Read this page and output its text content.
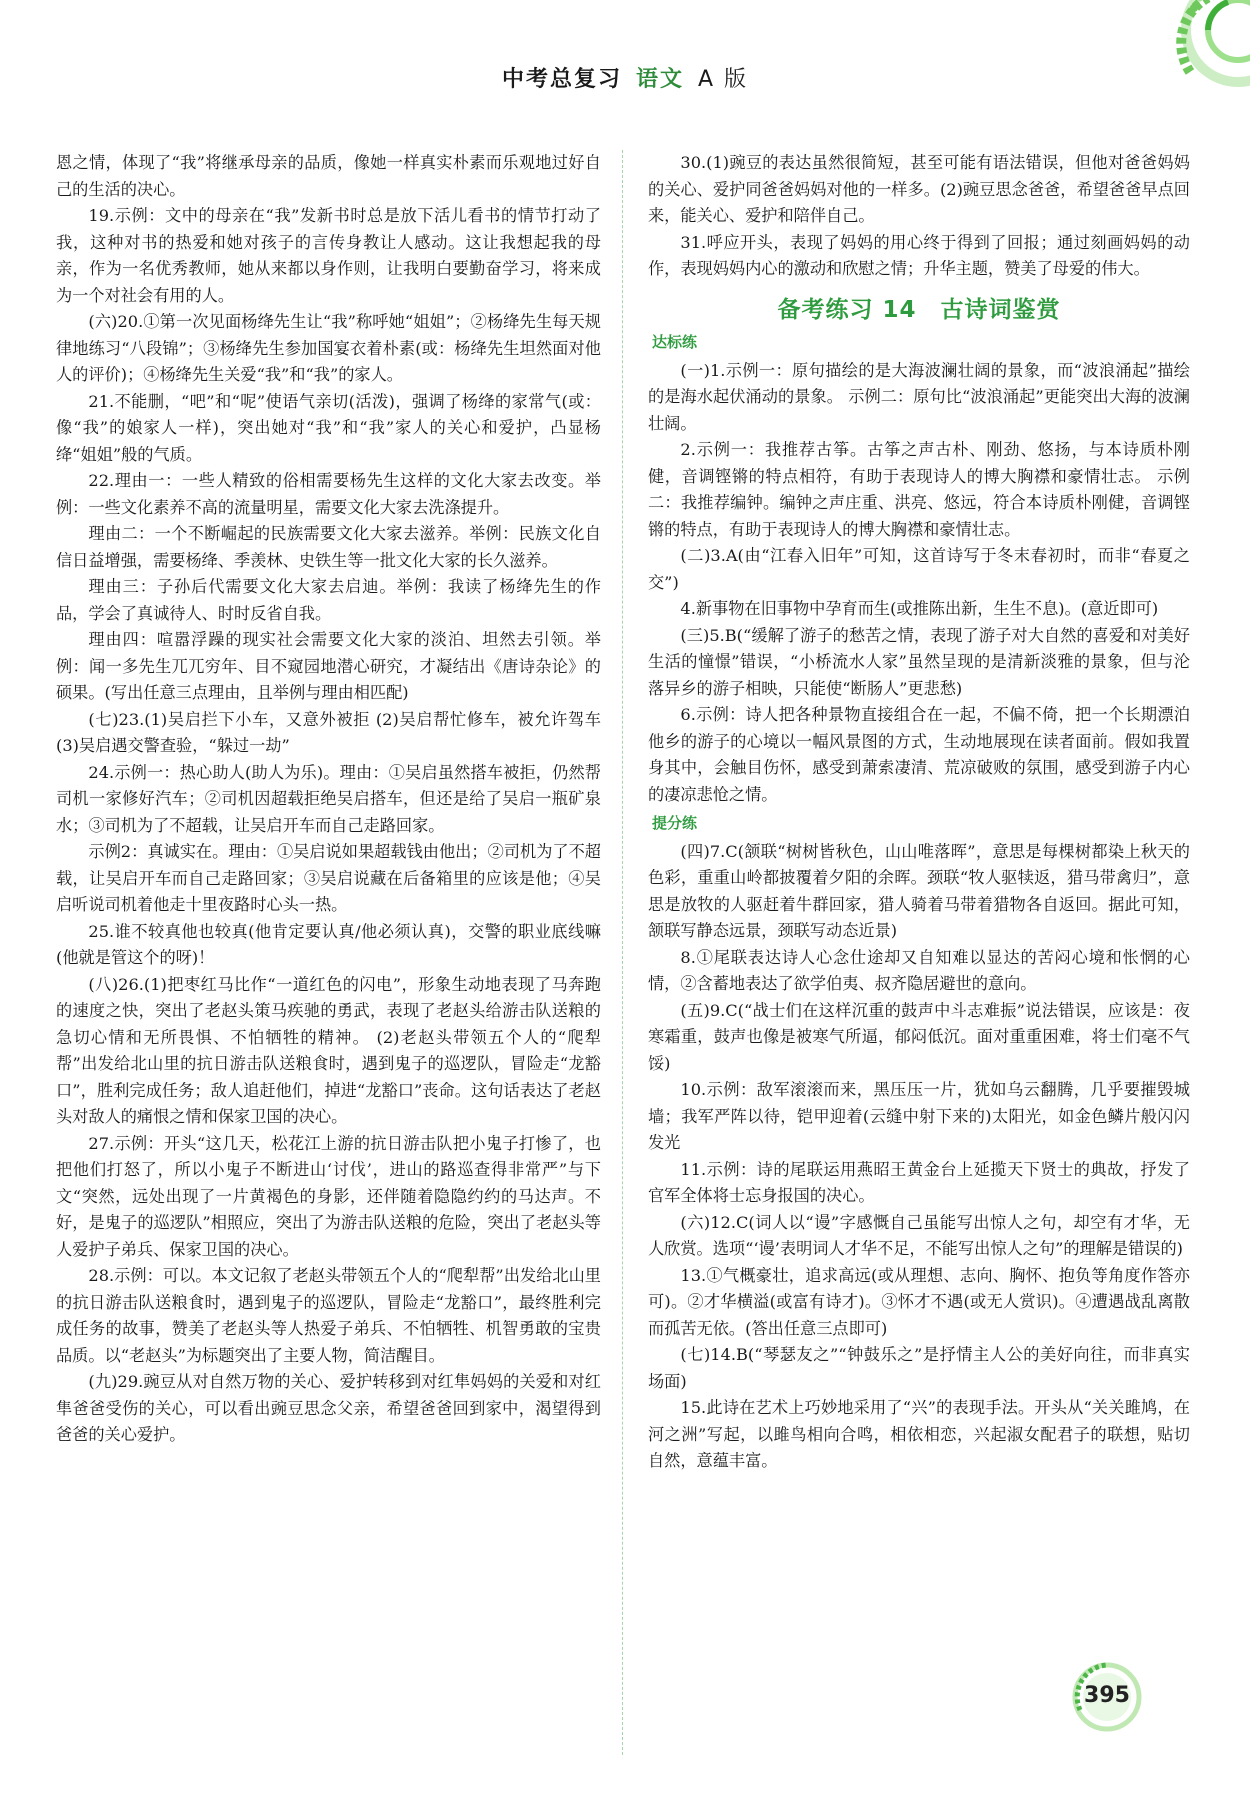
中考总复习 语文 A 版

恩之情，体现了“我”将继承母亲的品质，像她一样真实朴素而乐观地过好自己的生活的决心。

19.示例：文中的母亲在“我”发新书时总是放下活儿看书的情节打动了我，这种对书的热爱和她对孩子的言传身教让人感动。这让我想起我的母亲，作为一名优秀教师，她从来都以身作则，让我明白要勤奋学习，将来成为一个对社会有用的人。

(六)20.①第一次见面杨绛先生让“我”称呼她“姐姐”；②杨绛先生每天规律地练习“八段锦”；③杨绛先生参加国宴衣着朴素(或：杨绛先生坦然面对他人的评价)；④杨绛先生关爱“我”和“我”的家人。

21.不能删，“吧”和“呢”使语气亲切(活泼)，强调了杨绛的家常气(或：像“我”的娘家人一样)，突出她对“我”和“我”家人的关心和爱护，凸显杨绛“姐姐”般的气质。

22.理由一：一些人精致的俗相需要杨先生这样的文化大家去改变。举例：一些文化素养不高的流量明星，需要文化大家去洗涤提升。

理由二：一个不断崛起的民族需要文化大家去滋养。举例：民族文化自信日益增强，需要杨绛、季羡林、史铁生等一批文化大家的长久滋养。

理由三：子孙后代需要文化大家去启迪。举例：我读了杨绛先生的作品，学会了真诚待人、时时反省自我。

理由四：喧嚣浮躁的现实社会需要文化大家的淡泊、坦然去引领。举例：闻一多先生兀兀穷年、目不窥园地潜心研究，才凝结出《唐诗杂论》的硕果。(写出任意三点理由，且举例与理由相匹配)

(七)23.(1)吴启拦下小车，又意外被拒 (2)吴启帮忙修车，被允许驾车 (3)吴启遇交警查验，“躲过一劫”

24.示例一：热心助人(助人为乐)。理由：①吴启虽然搭车被拒，仍然帮司机一家修好汽车；②司机因超载拒绝吴启搭车，但还是给了吴启一瓶矿泉水；③司机为了不超载，让吴启开车而自己走路回家。

示例2：真诚实在。理由：①吴启说如果超载钱由他出；②司机为了不超载，让吴启开车而自己走路回家；③吴启说藏在后备箱里的应该是他；④吴启听说司机着他走十里夜路时心头一热。

25.谁不较真他也较真(他肯定要认真/他必须认真)，交警的职业底线嘛(他就是管这个的呀)！

(八)26.(1)把枣红马比作“一道红色的闪电”，形象生动地表现了马奔跑的速度之快，突出了老赵头策马疾驰的勇武，表现了老赵头给游击队送粮的急切心情和无所畏惧、不怕牺牲的精神。 (2)老赵头带领五个人的“爬犁帮”出发给北山里的抗日游击队送粮食时，遇到鬼子的巡逻队，冒险走“龙豁口”，胜利完成任务；敌人追赶他们，掉进“龙豁口”丧命。这句话表达了老赵头对敌人的痛恨之情和保家卫国的决心。

27.示例：开头“这几天，松花江上游的抗日游击队把小鬼子打惨了，也把他们打怒了，所以小鬼子不断进山‘讨伐’，进山的路巡查得非常严”与下文“突然，远处出现了一片黄褐色的身影，还伴随着隐隐约约的马达声。不好，是鬼子的巡逻队”相照应，突出了为游击队送粮的危险，突出了老赵头等人爱护子弟兵、保家卫国的决心。

28.示例：可以。本文记叙了老赵头带领五个人的“爬犁帮”出发给北山里的抗日游击队送粮食时，遇到鬼子的巡逻队，冒险走“龙豁口”，最终胜利完成任务的故事，赞美了老赵头等人热爱子弟兵、不怕牺牲、机智勇敢的宝贵品质。以“老赵头”为标题突出了主要人物，简洁醒目。

(九)29.豌豆从对自然万物的关心、爱护转移到对红隼妈妈的关爱和对红隼爸爸受伤的关心，可以看出豌豆思念父亲，希望爸爸回到家中，渴望得到爸爸的关心爱护。

30.(1)豌豆的表达虽然很简短，甚至可能有语法错误，但他对爸爸妈妈的关心、爱护同爸爸妈妈对他的一样多。(2)豌豆思念爸爸，希望爸爸早点回来，能关心、爱护和陪伴自己。

31.呼应开头，表现了妈妈的用心终于得到了回报；通过刻画妈妈的动作，表现妈妈内心的激动和欣慰之情；升华主题，赞美了母爱的伟大。

备考练习 14 古诗词鉴赏
达标练

(一)1.示例一：原句描绘的是大海波澜壮阔的景象，而“波浪涌起”描绘的是海水起伏涌动的景象。 示例二：原句比“波浪涌起”更能突出大海的波澜壮阔。

2.示例一：我推荐古筝。古筝之声古朴、刚劲、悠扬，与本诗质朴刚健，音调铿锵的特点相符，有助于表现诗人的博大胸襟和豪情壮志。 示例二：我推荐编钟。编钟之声庄重、洪亮、悠远，符合本诗质朴刚健，音调铿锵的特点，有助于表现诗人的博大胸襟和豪情壮志。

(二)3.A(由“江春入旧年”可知，这首诗写于冬末春初时，而非“春夏之交”)

4.新事物在旧事物中孕育而生(或推陈出新，生生不息)。(意近即可)

(三)5.B(“缓解了游子的愁苦之情，表现了游子对大自然的喜爱和对美好生活的憧憬”错误，“小桥流水人家”虽然呈现的是清新淡雅的景象，但与沦落异乡的游子相映，只能使“断肠人”更悲愁)

6.示例：诗人把各种景物直接组合在一起，不偏不倚，把一个长期漂泊他乡的游子的心境以一幅风景图的方式，生动地展现在读者面前。假如我置身其中，会触目伤怀，感受到萧索凄清、荒凉破败的氛围，感受到游子内心的凄凉悲怆之情。

提分练

(四)7.C(颔联“树树皆秋色，山山唯落晖”，意思是每棵树都染上秋天的色彩，重重山岭都披覆着夕阳的余晖。颈联“牧人驱犊返，猎马带禽归”，意思是放牧的人驱赶着牛群回家，猎人骑着马带着猎物各自返回。据此可知，颔联写静态远景，颈联写动态近景)

8.①尾联表达诗人心念仕途却又自知难以显达的苦闷心境和怅惘的心情，②含蓄地表达了欲学伯夷、叔齐隐居避世的意向。

(五)9.C(“战士们在这样沉重的鼓声中斗志难振”说法错误，应该是：夜寒霜重，鼓声也像是被寒气所逼，郁闷低沉。面对重重困难，将士们毫不气馁)

10.示例：敌军滚滚而来，黑压压一片，犹如乌云翻腾，几乎要摧毁城墙；我军严阵以待，铠甲迎着(云缝中射下来的)太阳光，如金色鳞片般闪闪发光

11.示例：诗的尾联运用燕昭王黄金台上延揽天下贤士的典故，抒发了官军全体将士忘身报国的决心。

(六)12.C(词人以“谩”字感慨自己虽能写出惊人之句，却空有才华，无人欣赏。选项“‘谩’表明词人才华不足，不能写出惊人之句”的理解是错误的)

13.①气概豪壮，追求高远(或从理想、志向、胸怀、抱负等角度作答亦可)。②才华横溢(或富有诗才)。③怀才不遇(或无人赏识)。④遭遇战乱离散而孤苦无依。(答出任意三点即可)

(七)14.B(“琴瑟友之”“钟鼓乐之”是抒情主人公的美好向往，而非真实场面)

15.此诗在艺术上巧妙地采用了“兴”的表现手法。开头从“关关雎鸠，在河之洲”写起，以雎鸟相向合鸣，相依相恋，兴起淑女配君子的联想，贴切自然，意蕴丰富。

395
